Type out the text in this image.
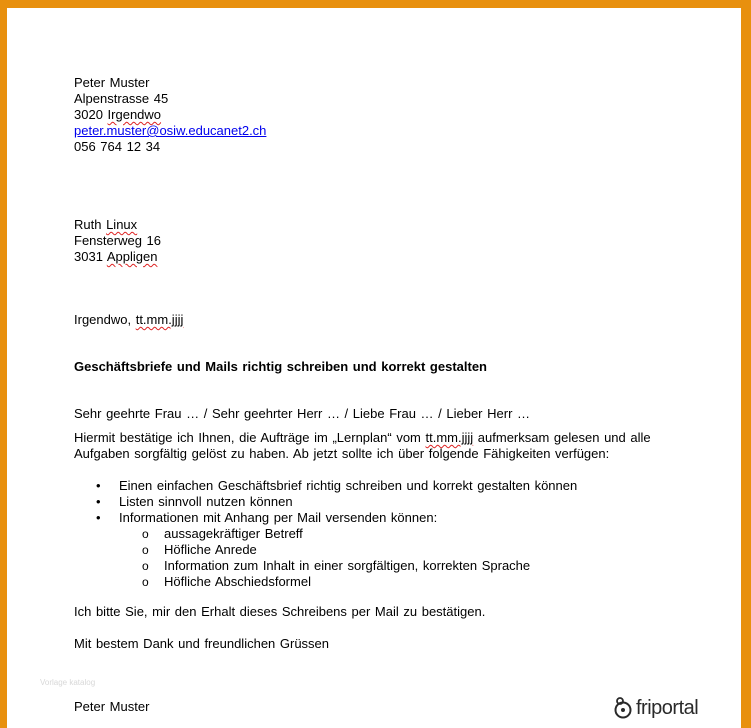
Peter Muster

Alpenstrasse 45

3020 Irgendwo

peter.muster@osiw.educanet2.ch

056 764 12 34

Ruth Linux

Fensterweg 16

3031 Appligen

Irgendwo, tt.mm.jjjj

Geschäftsbriefe und Mails richtig schreiben und korrekt gestalten
Sehr geehrte Frau … / Sehr geehrter Herr … / Liebe Frau … / Lieber Herr …

Hiermit bestätige ich Ihnen, die Aufträge im „Lernplan“ vom tt.mm.jjjj aufmerksam gelesen und alle

Aufgaben sorgfältig gelöst zu haben. Ab jetzt sollte ich über folgende Fähigkeiten verfügen:

• Einen einfachen Geschäftsbrief richtig schreiben und korrekt gestalten können
• Listen sinnvoll nutzen können
• Informationen mit Anhang per Mail versenden können:
o aussagekräftiger Betreff
o Höfliche Anrede
o Information zum Inhalt in einer sorgfältigen, korrekten Sprache
o Höfliche Abschiedsformel
Ich bitte Sie, mir den Erhalt dieses Schreibens per Mail zu bestätigen.
Mit bestem Dank und freundlichen Grüssen
Peter Muster
Vorlage katalog
friportal
